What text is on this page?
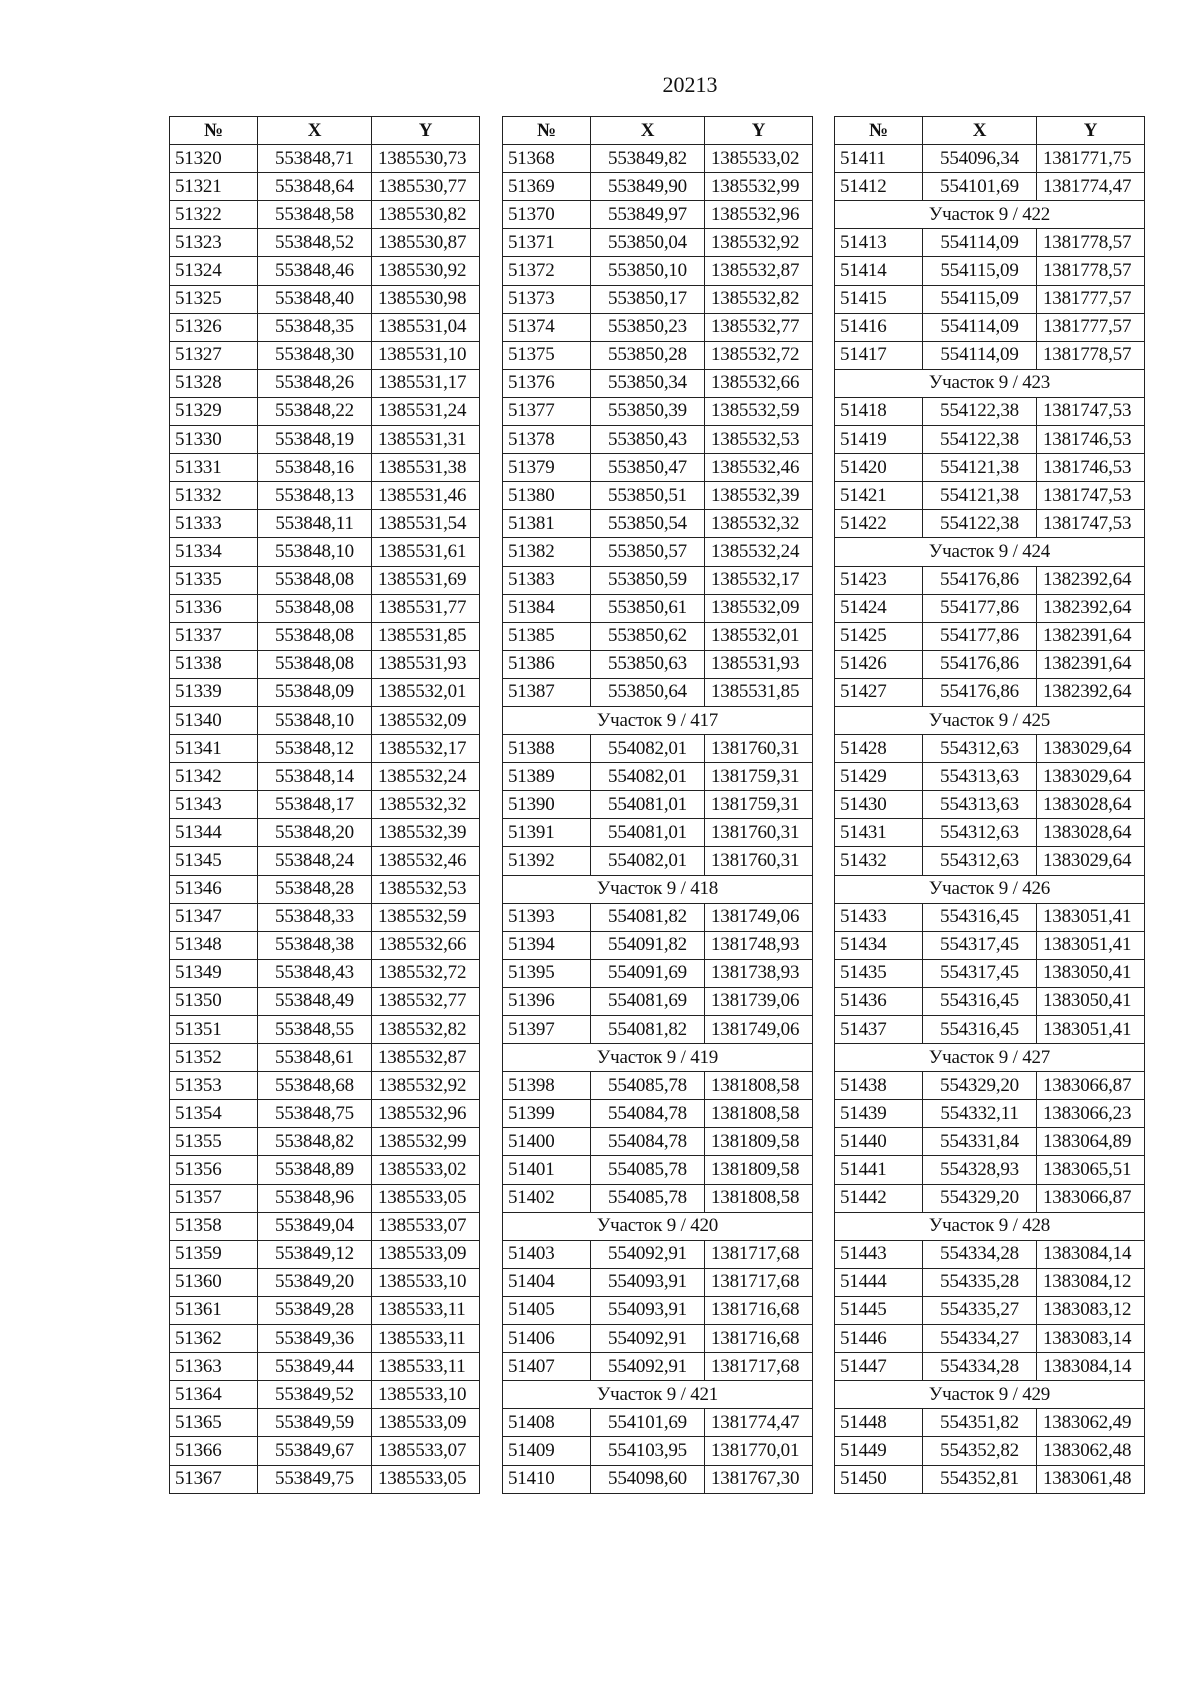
20213
№	X	Y
51320	553848,71	1385530,73
51321	553848,64	1385530,77
51322	553848,58	1385530,82
51323	553848,52	1385530,87
51324	553848,46	1385530,92
51325	553848,40	1385530,98
51326	553848,35	1385531,04
51327	553848,30	1385531,10
51328	553848,26	1385531,17
51329	553848,22	1385531,24
51330	553848,19	1385531,31
51331	553848,16	1385531,38
51332	553848,13	1385531,46
51333	553848,11	1385531,54
51334	553848,10	1385531,61
51335	553848,08	1385531,69
51336	553848,08	1385531,77
51337	553848,08	1385531,85
51338	553848,08	1385531,93
51339	553848,09	1385532,01
51340	553848,10	1385532,09
51341	553848,12	1385532,17
51342	553848,14	1385532,24
51343	553848,17	1385532,32
51344	553848,20	1385532,39
51345	553848,24	1385532,46
51346	553848,28	1385532,53
51347	553848,33	1385532,59
51348	553848,38	1385532,66
51349	553848,43	1385532,72
51350	553848,49	1385532,77
51351	553848,55	1385532,82
51352	553848,61	1385532,87
51353	553848,68	1385532,92
51354	553848,75	1385532,96
51355	553848,82	1385532,99
51356	553848,89	1385533,02
51357	553848,96	1385533,05
51358	553849,04	1385533,07
51359	553849,12	1385533,09
51360	553849,20	1385533,10
51361	553849,28	1385533,11
51362	553849,36	1385533,11
51363	553849,44	1385533,11
51364	553849,52	1385533,10
51365	553849,59	1385533,09
51366	553849,67	1385533,07
51367	553849,75	1385533,05
№	X	Y
51368	553849,82	1385533,02
51369	553849,90	1385532,99
51370	553849,97	1385532,96
51371	553850,04	1385532,92
51372	553850,10	1385532,87
51373	553850,17	1385532,82
51374	553850,23	1385532,77
51375	553850,28	1385532,72
51376	553850,34	1385532,66
51377	553850,39	1385532,59
51378	553850,43	1385532,53
51379	553850,47	1385532,46
51380	553850,51	1385532,39
51381	553850,54	1385532,32
51382	553850,57	1385532,24
51383	553850,59	1385532,17
51384	553850,61	1385532,09
51385	553850,62	1385532,01
51386	553850,63	1385531,93
51387	553850,64	1385531,85
Участок 9 / 417		
51388	554082,01	1381760,31
51389	554082,01	1381759,31
51390	554081,01	1381759,31
51391	554081,01	1381760,31
51392	554082,01	1381760,31
Участок 9 / 418		
51393	554081,82	1381749,06
51394	554091,82	1381748,93
51395	554091,69	1381738,93
51396	554081,69	1381739,06
51397	554081,82	1381749,06
Участок 9 / 419		
51398	554085,78	1381808,58
51399	554084,78	1381808,58
51400	554084,78	1381809,58
51401	554085,78	1381809,58
51402	554085,78	1381808,58
Участок 9 / 420		
51403	554092,91	1381717,68
51404	554093,91	1381717,68
51405	554093,91	1381716,68
51406	554092,91	1381716,68
51407	554092,91	1381717,68
Участок 9 / 421		
51408	554101,69	1381774,47
51409	554103,95	1381770,01
51410	554098,60	1381767,30
№	X	Y
51411	554096,34	1381771,75
51412	554101,69	1381774,47
Участок 9 / 422		
51413	554114,09	1381778,57
51414	554115,09	1381778,57
51415	554115,09	1381777,57
51416	554114,09	1381777,57
51417	554114,09	1381778,57
Участок 9 / 423		
51418	554122,38	1381747,53
51419	554122,38	1381746,53
51420	554121,38	1381746,53
51421	554121,38	1381747,53
51422	554122,38	1381747,53
Участок 9 / 424		
51423	554176,86	1382392,64
51424	554177,86	1382392,64
51425	554177,86	1382391,64
51426	554176,86	1382391,64
51427	554176,86	1382392,64
Участок 9 / 425		
51428	554312,63	1383029,64
51429	554313,63	1383029,64
51430	554313,63	1383028,64
51431	554312,63	1383028,64
51432	554312,63	1383029,64
Участок 9 / 426		
51433	554316,45	1383051,41
51434	554317,45	1383051,41
51435	554317,45	1383050,41
51436	554316,45	1383050,41
51437	554316,45	1383051,41
Участок 9 / 427		
51438	554329,20	1383066,87
51439	554332,11	1383066,23
51440	554331,84	1383064,89
51441	554328,93	1383065,51
51442	554329,20	1383066,87
Участок 9 / 428		
51443	554334,28	1383084,14
51444	554335,28	1383084,12
51445	554335,27	1383083,12
51446	554334,27	1383083,14
51447	554334,28	1383084,14
Участок 9 / 429		
51448	554351,82	1383062,49
51449	554352,82	1383062,48
51450	554352,81	1383061,48
